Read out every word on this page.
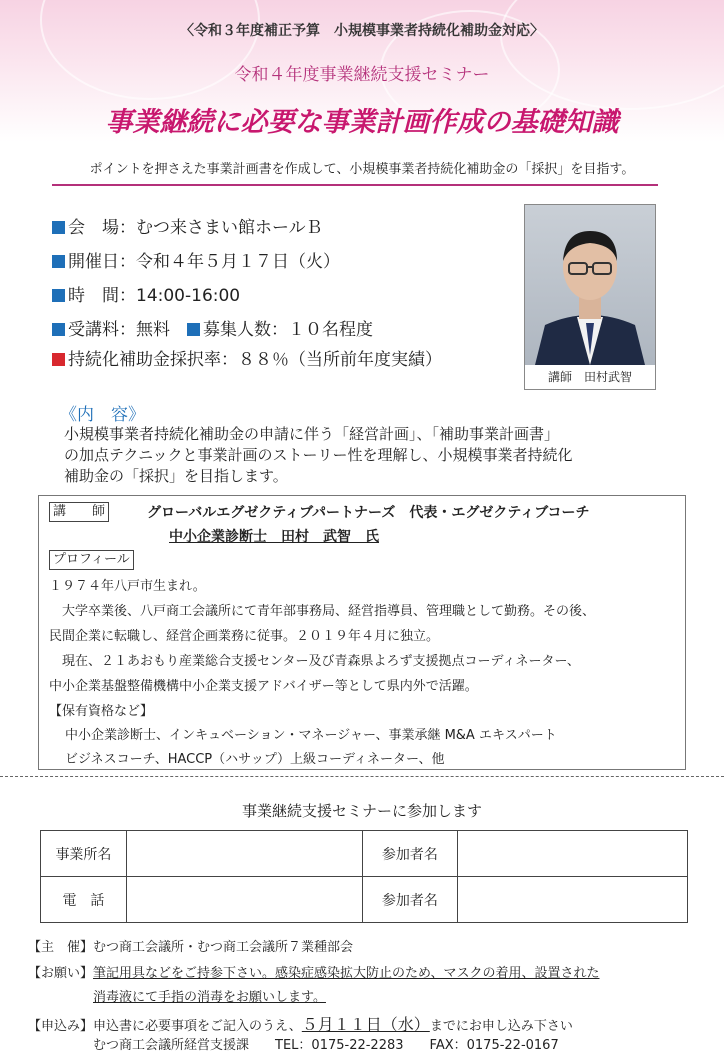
〈令和３年度補正予算　小規模事業者持続化補助金対応〉
令和４年度事業継続支援セミナー
事業継続に必要な事業計画作成の基礎知識
ポイントを押さえた事業計画書を作成して、小規模事業者持続化補助金の「採択」を目指す。
会　場：むつ来さまい館ホールＢ
開催日：令和４年５月１７日（火）
時　間：14:00-16:00
受講料：無料　 募集人数：１０名程度
持続化補助金採択率：８８％（当所前年度実績）
講師　田村武智
《内　容》
小規模事業者持続化補助金の申請に伴う「経営計画」、「補助事業計画書」
の加点テクニックと事業計画のストーリー性を理解し、小規模事業者持続化
補助金の「採択」を目指します。
講　　師	グローバルエグゼクティブパートナーズ　代表・エグゼクティブコーチ
中小企業診断士　田村　武智　氏
プロフィール
１９７４年八戸市生まれ。
　大学卒業後、八戸商工会議所にて青年部事務局、経営指導員、管理職として勤務。その後、
民間企業に転職し、経営企画業務に従事。２０１９年４月に独立。
　現在、２１あおもり産業総合支援センター及び青森県よろず支援拠点コーディネーター、
中小企業基盤整備機構中小企業支援アドバイザー等として県内外で活躍。
【保有資格など】
中小企業診断士、インキュベーション・マネージャー、事業承継 M&A エキスパート
ビジネスコーチ、HACCP（ハサップ）上級コーディネーター、他
事業継続支援セミナーに参加します
事業所名		参加者名	
電　話		参加者名	
【主　催】むつ商工会議所・むつ商工会議所７業種部会
【お願い】筆記用具などをご持参下さい。感染症感染拡大防止のため、マスクの着用、設置された
消毒液にて手指の消毒をお願いします。
【申込み】申込書に必要事項をご記入のうえ、５月１１日（水）までにお申し込み下さい
むつ商工会議所経営支援課　　 TEL：0175-22-2283　　 FAX：0175-22-0167
